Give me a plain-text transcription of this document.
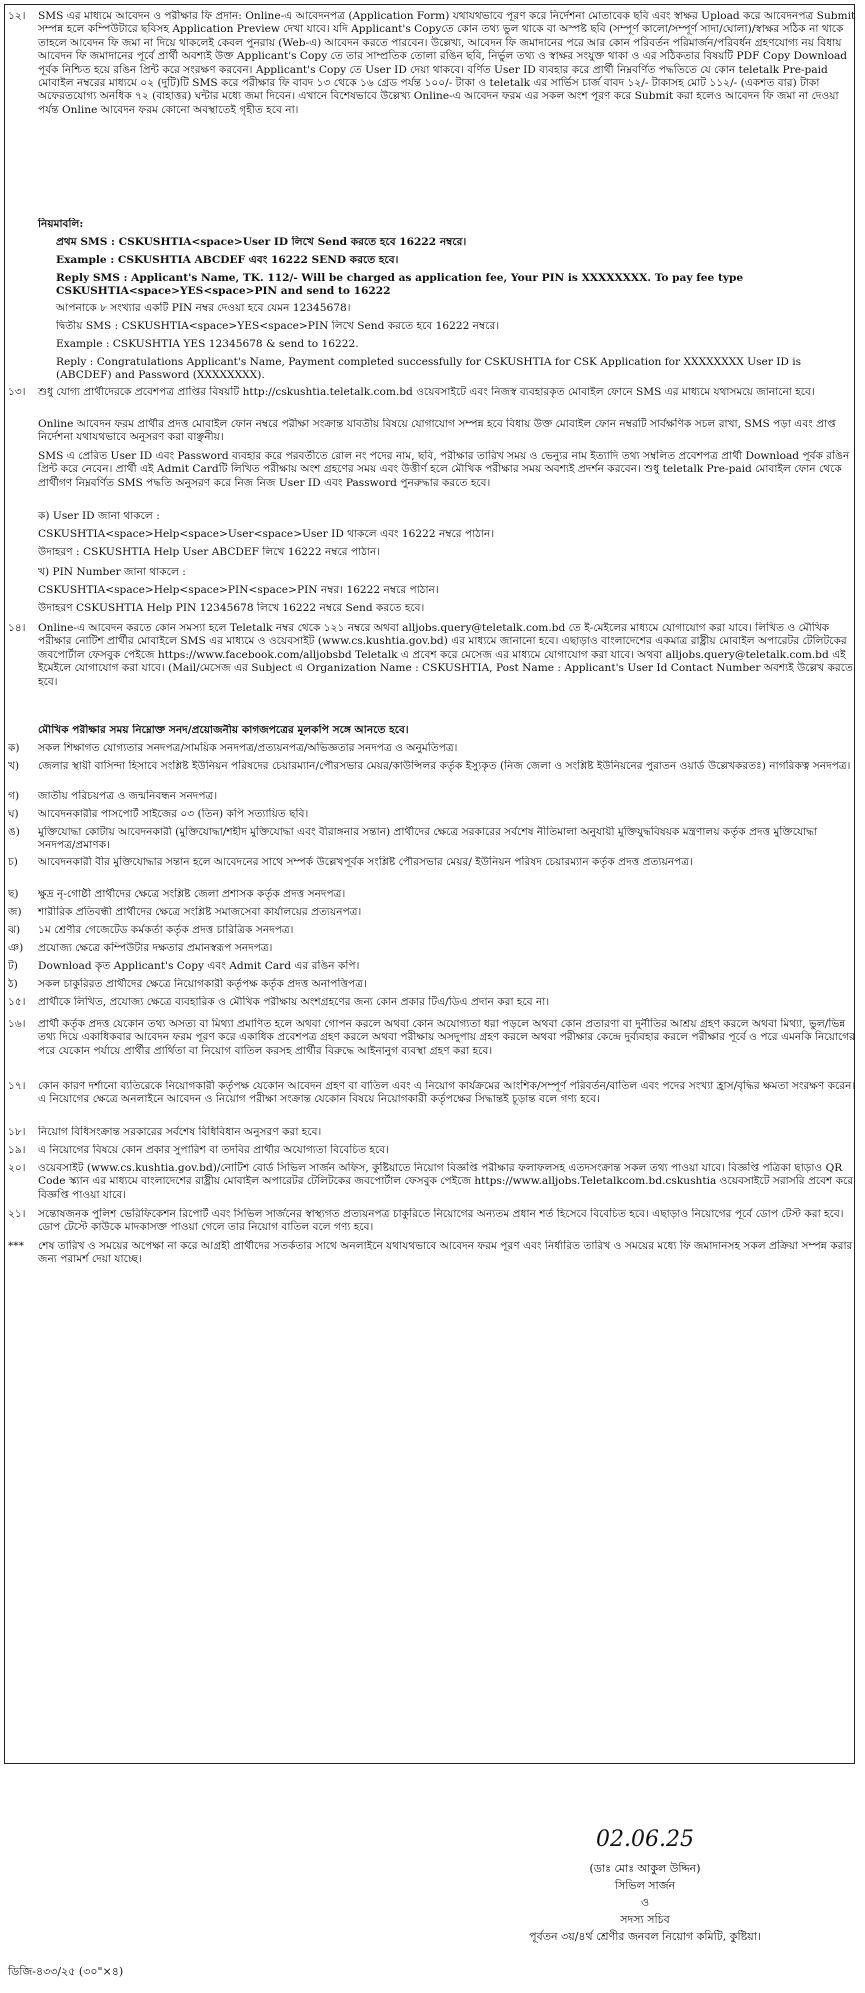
১২।	SMS এর মাধ্যমে আবেদন ও পরীক্ষার ফি প্রদান: Online-এ আবেদনপত্র (Application Form) যথাযথভাবে পূরণ করে নির্দেশনা মোতাবেক ছবি এবং স্বাক্ষর Upload করে আবেদনপত্র Submit সম্পন্ন হলে কম্পিউটারে ছবিসহ Application Preview দেখা যাবে। যদি Applicant's Copyতে কোন তথ্য ভুল থাকে বা অস্পষ্ট ছবি (সম্পূর্ণ কালো/সম্পূর্ণ সাদা/ঘোলা)/স্বাক্ষর সঠিক না থাকে তাহলে আবেদন ফি জমা না দিয়ে থাকলেই কেবল পুনরায় (Web-এ) আবেদন করতে পারবেন। উল্লেখ্য, আবেদন ফি জমাদানের পরে আর কোন পরিবর্তন পরিমার্জন/পরিবর্ধন গ্রহণযোগ্য নয় বিধায় আবেদন ফি জমাদানের পূর্বে প্রার্থী অবশ্যই উক্ত Applicant's Copy তে তার সাম্প্রতিক তোলা রঙিন ছবি, নির্ভুল তথ্য ও স্বাক্ষর সংযুক্ত থাকা ও এর সঠিকতার বিষয়টি PDF Copy Download পূর্বক নিশ্চিত হয়ে রঙিন প্রিন্ট করে সংরক্ষণ করবেন। Applicant's Copy তে User ID দেয়া থাকবে। বর্ণিত User ID ব্যবহার করে প্রার্থী নিম্নবর্ণিত পদ্ধতিতে যে কোন teletalk Pre-paid মোবাইল নম্বরের মাধ্যমে ০২ (দুটি)টি SMS করে পরীক্ষার ফি বাবদ ১৩ থেকে ১৬ গ্রেড পর্যন্ত ১০০/- টাকা ও teletalk এর সার্ভিস চার্জ বাবদ ১২/- টাকাসহ মোট ১১২/- (একশত বার) টাকা অফেরতযোগ্য অনধিক ৭২ (বাহাত্তর) ঘন্টার মধ্যে জমা দিবেন। এখানে বিশেষভাবে উল্লেখ্য Online-এ আবেদন ফরম এর সকল অংশ পূরণ করে Submit করা হলেও আবেদন ফি জমা না দেওয়া পর্যন্ত Online আবেদন ফরম কোনো অবস্থাতেই গৃহীত হবে না।
নিয়মাবলি:
প্রথম SMS : CSKUSHTIA<space>User ID লিখে Send করতে হবে 16222 নম্বরে।
Example : CSKUSHTIA ABCDEF এবং 16222 SEND করতে হবে।
Reply SMS : Applicant's Name, TK. 112/- Will be charged as application fee, Your PIN is XXXXXXXX. To pay fee type CSKUSHTIA<space>YES<space>PIN and send to 16222
আপনাকে ৮ সংখ্যার একটি PIN নম্বর দেওয়া হবে যেমন 12345678।
দ্বিতীয় SMS : CSKUSHTIA<space>YES<space>PIN লিখে Send করতে হবে 16222 নম্বরে।
Example : CSKUSHTIA YES 12345678 & send to 16222.
Reply : Congratulations Applicant's Name, Payment completed successfully for CSKUSHTIA for CSK Application for XXXXXXXX User ID is (ABCDEF) and Password (XXXXXXXX).
১৩।	শুধু যোগ্য প্রার্থীদেরকে প্রবেশপত্র প্রাপ্তির বিষয়টি http://cskushtia.teletalk.com.bd ওয়েবসাইটে এবং নিজস্ব ব্যবহারকৃত মোবাইল ফোনে SMS এর মাধ্যমে যথাসময়ে জানানো হবে।
Online আবেদন ফরম প্রার্থীর প্রদত্ত মোবাইল ফোন নম্বরে পরীক্ষা সংক্রান্ত যাবতীয় বিষয়ে যোগাযোগ সম্পন্ন হবে বিধায় উক্ত মোবাইল ফোন নম্বরটি সার্বক্ষণিক সচল রাখা, SMS পড়া এবং প্রাপ্ত নির্দেশনা যথাযথভাবে অনুসরণ করা বাঞ্ছনীয়।
SMS এ প্রেরিত User ID এবং Password ব্যবহার করে পরবর্তীতে রোল নং পদের নাম, ছবি, পরীক্ষার তারিখ সময় ও ভেন্যুর নাম ইত্যাদি তথ্য সম্বলিত প্রবেশপত্র প্রার্থী Download পূর্বক রঙিন প্রিন্ট করে নেবেন। প্রার্থী এই Admit Cardটি লিখিত পরীক্ষায় অংশ গ্রহণের সময় এবং উত্তীর্ণ হলে মৌখিক পরীক্ষার সময় অবশ্যই প্রদর্শন করবেন। শুধু teletalk Pre-paid মোবাইল ফোন থেকে প্রার্থীগণ নিম্নবর্ণিত SMS পদ্ধতি অনুসরণ করে নিজ নিজ User ID এবং Password পুনরুদ্ধার করতে হবে।
ক) User ID জানা থাকলে :
CSKUSHTIA<space>Help<space>User<space>User ID থাকলে এবং 16222 নম্বরে পাঠান।
উদাহরণ : CSKUSHTIA Help User ABCDEF লিখে 16222 নম্বরে পাঠান।
খ) PIN Number জানা থাকলে :
CSKUSHTIA<space>Help<space>PIN<space>PIN নম্বর। 16222 নম্বরে পাঠান।
উদাহরণ CSKUSHTIA Help PIN 12345678 লিখে 16222 নম্বরে Send করতে হবে।
১৪।	Online-এ আবেদন করতে কোন সমস্যা হলে Teletalk নম্বর থেকে ১২১ নম্বরে অথবা alljobs.query@teletalk.com.bd তে ই-মেইলের মাধ্যমে যোগাযোগ করা যাবে। লিখিত ও মৌখিক পরীক্ষার নোটিশ প্রার্থীর মোবাইলে SMS এর মাধ্যমে ও ওয়েবসাইট (www.cs.kushtia.gov.bd) এর মাধ্যমে জানানো হবে। এছাড়াও বাংলাদেশের একমাত্র রাষ্ট্রীয় মোবাইল অপারেটর টেলিটকের জবপোর্টাল ফেসবুক পেইজে https://www.facebook.com/alljobsbd Teletalk এ প্রবেশ করে মেসেজ এর মাধ্যমে যোগাযোগ করা যাবে। অথবা alljobs.query@teletalk.com.bd এই ইমেইলে যোগাযোগ করা যাবে। (Mail/মেসেজ এর Subject এ Organization Name : CSKUSHTIA, Post Name : Applicant's User Id Contact Number অবশ্যই উল্লেখ করতে হবে।
মৌখিক পরীক্ষার সময় নিম্নোক্ত সনদ/প্রয়োজনীয় কাগজপত্রের মূলকপি সঙ্গে আনতে হবে।
ক)	সকল শিক্ষাগত যোগ্যতার সনদপত্র/সাময়িক সনদপত্র/প্রত্যয়নপত্র/অভিজ্ঞতার সনদপত্র ও অনুমতিপত্র।
খ)	জেলার স্থায়ী বাসিন্দা হিসাবে সংশ্লিষ্ট ইউনিয়ন পরিষদের চেয়ারম্যান/পৌরসভার মেয়র/কাউন্সিলর কর্তৃক ইস্যুকৃত (নিজ জেলা ও সংশ্লিষ্ট ইউনিয়নের পুরাতন ওয়ার্ড উল্লেখকরতঃ) নাগরিকত্ব সনদপত্র।
গ)	জাতীয় পরিচয়পত্র ও জন্মনিবন্ধন সনদপত্র।
ঘ)	আবেদনকারীর পাসপোর্ট সাইজের ০৩ (তিন) কপি সত্যায়িত ছবি।
ঙ)	মুক্তিযোদ্ধা কোটায় আবেদনকারী (মুক্তিযোদ্ধা/শহীদ মুক্তিযোদ্ধা এবং বীরাঙ্গনার সন্তান) প্রার্থীদের ক্ষেত্রে সরকারের সর্বশেষ নীতিমালা অনুযায়ী মুক্তিযুদ্ধবিষয়ক মন্ত্রণালয় কর্তৃক প্রদত্ত মুক্তিযোদ্ধা সনদপত্র/প্রমাণক।
চ)	আবেদনকারী বীর মুক্তিযোদ্ধার সন্তান হলে আবেদনের সাথে সম্পর্ক উল্লেখপূর্বক সংশ্লিষ্ট পৌরসভার মেয়র/ ইউনিয়ন পরিষদ চেয়ারম্যান কর্তৃক প্রদত্ত প্রত্যয়নপত্র।
ছ)	ক্ষুদ্র নৃ-গোষ্ঠী প্রার্থীদের ক্ষেত্রে সংশ্লিষ্ট জেলা প্রশাসক কর্তৃক প্রদত্ত সনদপত্র।
জ)	শারীরিক প্রতিবন্ধী প্রার্থীদের ক্ষেত্রে সংশ্লিষ্ট সমাজসেবা কার্যালয়ের প্রত্যয়নপত্র।
ঝ)	১ম শ্রেণীর গেজেটেড কর্মকর্তা কর্তৃক প্রদত্ত চারিত্রিক সনদপত্র।
ঞ)	প্রযোজ্য ক্ষেত্রে কম্পিউটার দক্ষতার প্রমানস্বরূপ সনদপত্র।
ট)	Download কৃত Applicant's Copy এবং Admit Card এর রঙিন কপি।
ঠ)	সকল চাকুরিরত প্রার্থীদের ক্ষেত্রে নিয়োগকারী কর্তৃপক্ষ কর্তৃক প্রদত্ত অনাপত্তিপত্র।
১৫।	প্রার্থীকে লিখিত, প্রযোজ্য ক্ষেত্রে ব্যবহারিক ও মৌখিক পরীক্ষায় অংশগ্রহণের জন্য কোন প্রকার টিএ/ডিএ প্রদান করা হবে না।
১৬।	প্রার্থী কর্তৃক প্রদত্ত যেকোন তথ্য অসত্য বা মিথ্যা প্রমাণিত হলে অথবা গোপন করলে অথবা কোন অযোগ্যতা ধরা পড়লে অথবা কোন প্রতারণা বা দুর্নীতির আশ্রয় গ্রহণ করলে অথবা মিথ্যা, ভুল/ভিন্ন তথ্য দিয়ে একাধিকবার আবেদন ফরম পূরণ করে একাধিক প্রবেশপত্র গ্রহণ করলে অথবা পরীক্ষায় অসদুপায় গ্রহণ করলে অথবা পরীক্ষার কেন্দ্রে দুর্ব্যবহার করলে পরীক্ষার পূর্বে ও পরে এমনকি নিয়োগের পরে যেকোন পর্যায়ে প্রার্থীর প্রার্থিতা বা নিয়োগ বাতিল করসহ প্রার্থীর বিরুদ্ধে আইনানুগ ব্যবস্থা গ্রহণ করা হবে।
১৭।	কোন কারণ দর্শানো ব্যতিরেকে নিয়োগকারী কর্তৃপক্ষ যেকোন আবেদন গ্রহণ বা বাতিল এবং এ নিয়োগ কার্যক্রমের আংশিক/সম্পূর্ণ পরিবর্তন/বাতিল এবং পদের সংখ্যা হ্রাস/বৃদ্ধির ক্ষমতা সংরক্ষণ করেন। এ নিয়োগের ক্ষেত্রে অনলাইনে আবেদন ও নিয়োগ পরীক্ষা সংক্রান্ত যেকোন বিষয়ে নিয়োগকারী কর্তৃপক্ষের সিদ্ধান্তই চূড়ান্ত বলে গণ্য হবে।
১৮।	নিয়োগ বিধিসংক্রান্ত সরকারের সর্বশেষ বিধিবিধান অনুসরণ করা হবে।
১৯।	এ নিয়োগের বিষয়ে কোন প্রকার সুপারিশ বা তদবির প্রার্থীর অযোগ্যতা বিবেচিত হবে।
২০।	ওয়েবসাইট (www.cs.kushtia.gov.bd)/নোটিশ বোর্ড সিভিল সার্জন অফিস, কুষ্টিয়াতে নিয়োগ বিজ্ঞপ্তি পরীক্ষার ফলাফলসহ এতদসংক্রান্ত সকল তথ্য পাওয়া যাবে। বিজ্ঞপ্তি পত্রিকা ছাড়াও QR Code স্ক্যান এর মাধ্যমে বাংলাদেশের রাষ্ট্রীয় মোবাইল অপারেটর টেলিটকের জবপোর্টাল ফেসবুক পেইজে https://www.alljobs.Teletalkcom.bd.cskushtia ওয়েবসাইটে সরাসরি প্রবেশ করে বিজ্ঞপ্তি পাওয়া যাবে।
২১।	সন্তোষজনক পুলিশ ভেরিফিকেশন রিপোর্ট এবং সিভিল সার্জনের স্বাস্থ্যগত প্রত্যয়নপত্র চাকুরিতে নিয়োগের অন্যতম প্রধান শর্ত হিসেবে বিবেচিত হবে। এছাড়াও নিয়োগের পূর্বে ডোপ টেস্ট করা হবে। ডোপ টেস্টে কাউকে মাদকাসক্ত পাওয়া গেলে তার নিয়োগ বাতিল বলে গণ্য হবে।
***	শেষ তারিখ ও সময়ের অপেক্ষা না করে আগ্রহী প্রার্থীদের সতর্কতার সাথে অনলাইনে যথাযথভাবে আবেদন ফরম পূরণ এবং নির্ধারিত তারিখ ও সময়ের মধ্যে ফি জমাদানসহ সকল প্রক্রিয়া সম্পন্ন করার জন্য পরামর্শ দেয়া যাচ্ছে।
02.06.25
(ডাঃ মোঃ আকুল উদ্দিন)
সিভিল সার্জন
ও
সদস্য সচিব
পূর্বতন ৩য়/৪র্থ শ্রেণীর জনবল নিয়োগ কমিটি, কুষ্টিয়া।
ডিজি-৪৩৩/২৫ (৩০"×৪)
